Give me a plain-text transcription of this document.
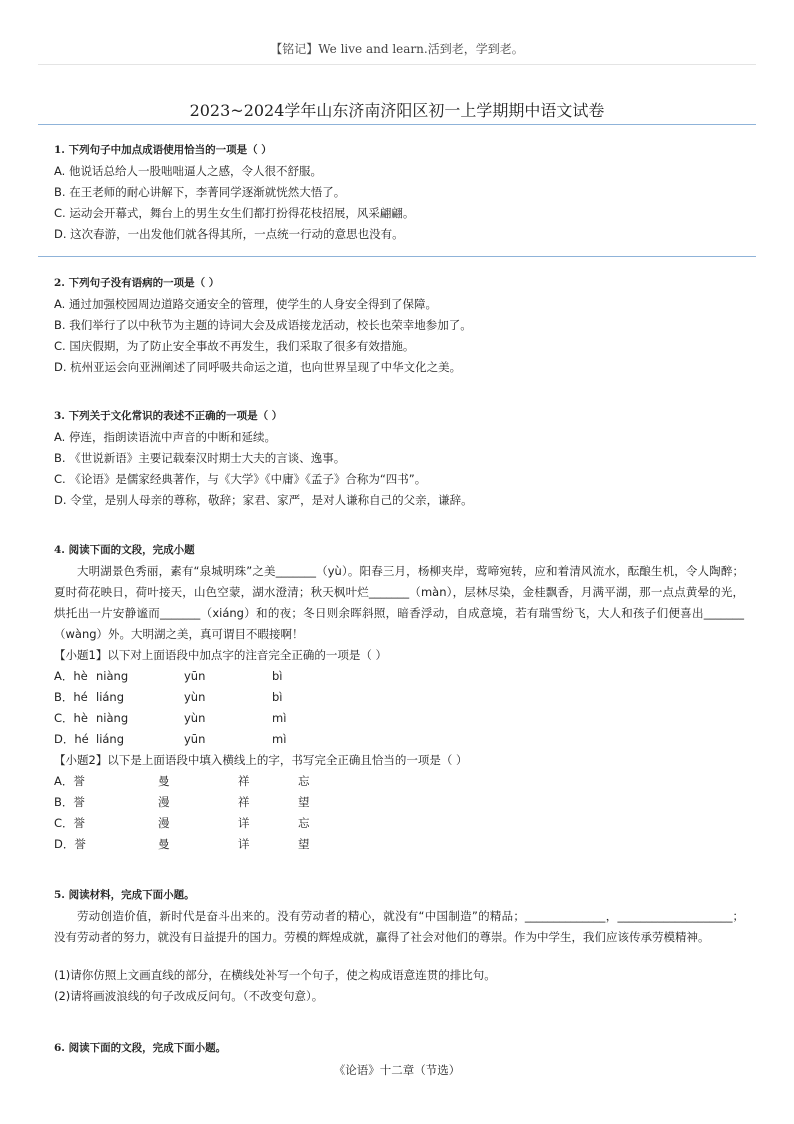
【铭记】We live and learn.活到老，学到老。
2023~2024学年山东济南济阳区初一上学期期中语文试卷
1. 下列句子中加点成语使用恰当的一项是（ ）
A. 他说话总给人一股咄咄逼人之感，令人很不舒服。
B. 在王老师的耐心讲解下，李菁同学逐渐就恍然大悟了。
C. 运动会开幕式，舞台上的男生女生们都打扮得花枝招展，风采翩翩。
D. 这次春游，一出发他们就各得其所，一点统一行动的意思也没有。
2. 下列句子没有语病的一项是（ ）
A. 通过加强校园周边道路交通安全的管理，使学生的人身安全得到了保障。
B. 我们举行了以中秋节为主题的诗词大会及成语接龙活动，校长也荣幸地参加了。
C. 国庆假期，为了防止安全事故不再发生，我们采取了很多有效措施。
D. 杭州亚运会向亚洲阐述了同呼吸共命运之道，也向世界呈现了中华文化之美。
3. 下列关于文化常识的表述不正确的一项是（ ）
A. 停连，指朗读语流中声音的中断和延续。
B. 《世说新语》主要记载秦汉时期士大夫的言谈、逸事。
C. 《论语》是儒家经典著作，与《大学》《中庸》《孟子》合称为“四书”。
D. 令堂，是别人母亲的尊称，敬辞；家君、家严，是对人谦称自己的父亲，谦辞。
4. 阅读下面的文段，完成小题
大明湖景色秀丽，素有“泉城明珠”之美_______（yù）。阳春三月，杨柳夹岸，莺啼宛转，应和着清风流水，酝酿生机，令人陶醉；夏时荷花映日，荷叶接天，山色空蒙，湖水澄清；秋天枫叶烂_______（màn），层林尽染，金桂飘香，月满平湖，那一点点黄晕的光，烘托出一片安静谧而_______（xiáng）和的夜；冬日则余晖斜照，暗香浮动，自成意境，若有瑞雪纷飞，大人和孩子们便喜出_______（wàng）外。大明湖之美，真可谓目不暇接啊！
【小题1】以下对上面语段中加点字的注音完全正确的一项是（ ）
A．hè niàng	yūn	bì
B．hé liáng	yùn	bì
C．hè niàng	yùn	mì
D．hé liáng	yūn	mì
【小题2】以下是上面语段中填入横线上的字，书写完全正确且恰当的一项是（ ）
A．誉	曼	祥	忘
B．誉	漫	祥	望
C．誉	漫	详	忘
D．誉	曼	详	望
5. 阅读材料，完成下面小题。
劳动创造价值，新时代是奋斗出来的。没有劳动者的精心，就没有“中国制造”的精品；______________，____________________；没有劳动者的努力，就没有日益提升的国力。劳模的辉煌成就，赢得了社会对他们的尊崇。作为中学生，我们应该传承劳模精神。
(1)请你仿照上文画直线的部分，在横线处补写一个句子，使之构成语意连贯的排比句。
(2)请将画波浪线的句子改成反问句。（不改变句意）。
6. 阅读下面的文段，完成下面小题。
《论语》十二章（节选）
